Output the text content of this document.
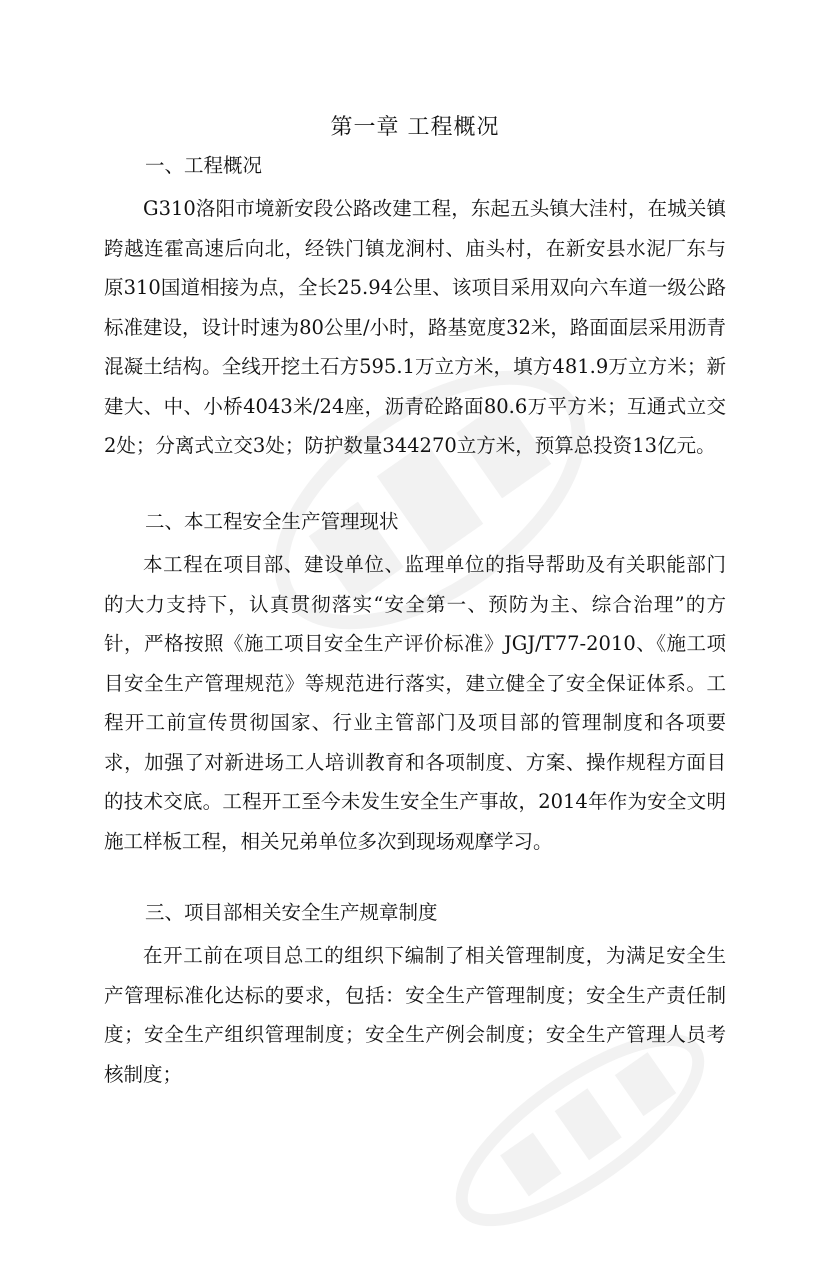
第一章 工程概况
一、工程概况

G310洛阳市境新安段公路改建工程，东起五头镇大洼村，在城关镇跨越连霍高速后向北，经铁门镇龙涧村、庙头村，在新安县水泥厂东与原310国道相接为点，全长25.94公里、该项目采用双向六车道一级公路标准建设，设计时速为80公里/小时，路基宽度32米，路面面层采用沥青混凝土结构。全线开挖土石方595.1万立方米，填方481.9万立方米；新建大、中、小桥4043米/24座，沥青砼路面80.6万平方米；互通式立交2处；分离式立交3处；防护数量344270立方米，预算总投资13亿元。

二、本工程安全生产管理现状

本工程在项目部、建设单位、监理单位的指导帮助及有关职能部门的大力支持下，认真贯彻落实“安全第一、预防为主、综合治理”的方针，严格按照《施工项目安全生产评价标准》JGJ/T77-2010、《施工项目安全生产管理规范》等规范进行落实，建立健全了安全保证体系。工程开工前宣传贯彻国家、行业主管部门及项目部的管理制度和各项要求，加强了对新进场工人培训教育和各项制度、方案、操作规程方面目的技术交底。工程开工至今未发生安全生产事故，2014年作为安全文明施工样板工程，相关兄弟单位多次到现场观摩学习。

三、项目部相关安全生产规章制度

在开工前在项目总工的组织下编制了相关管理制度，为满足安全生产管理标准化达标的要求，包括：安全生产管理制度；安全生产责任制度；安全生产组织管理制度；安全生产例会制度；安全生产管理人员考核制度；
